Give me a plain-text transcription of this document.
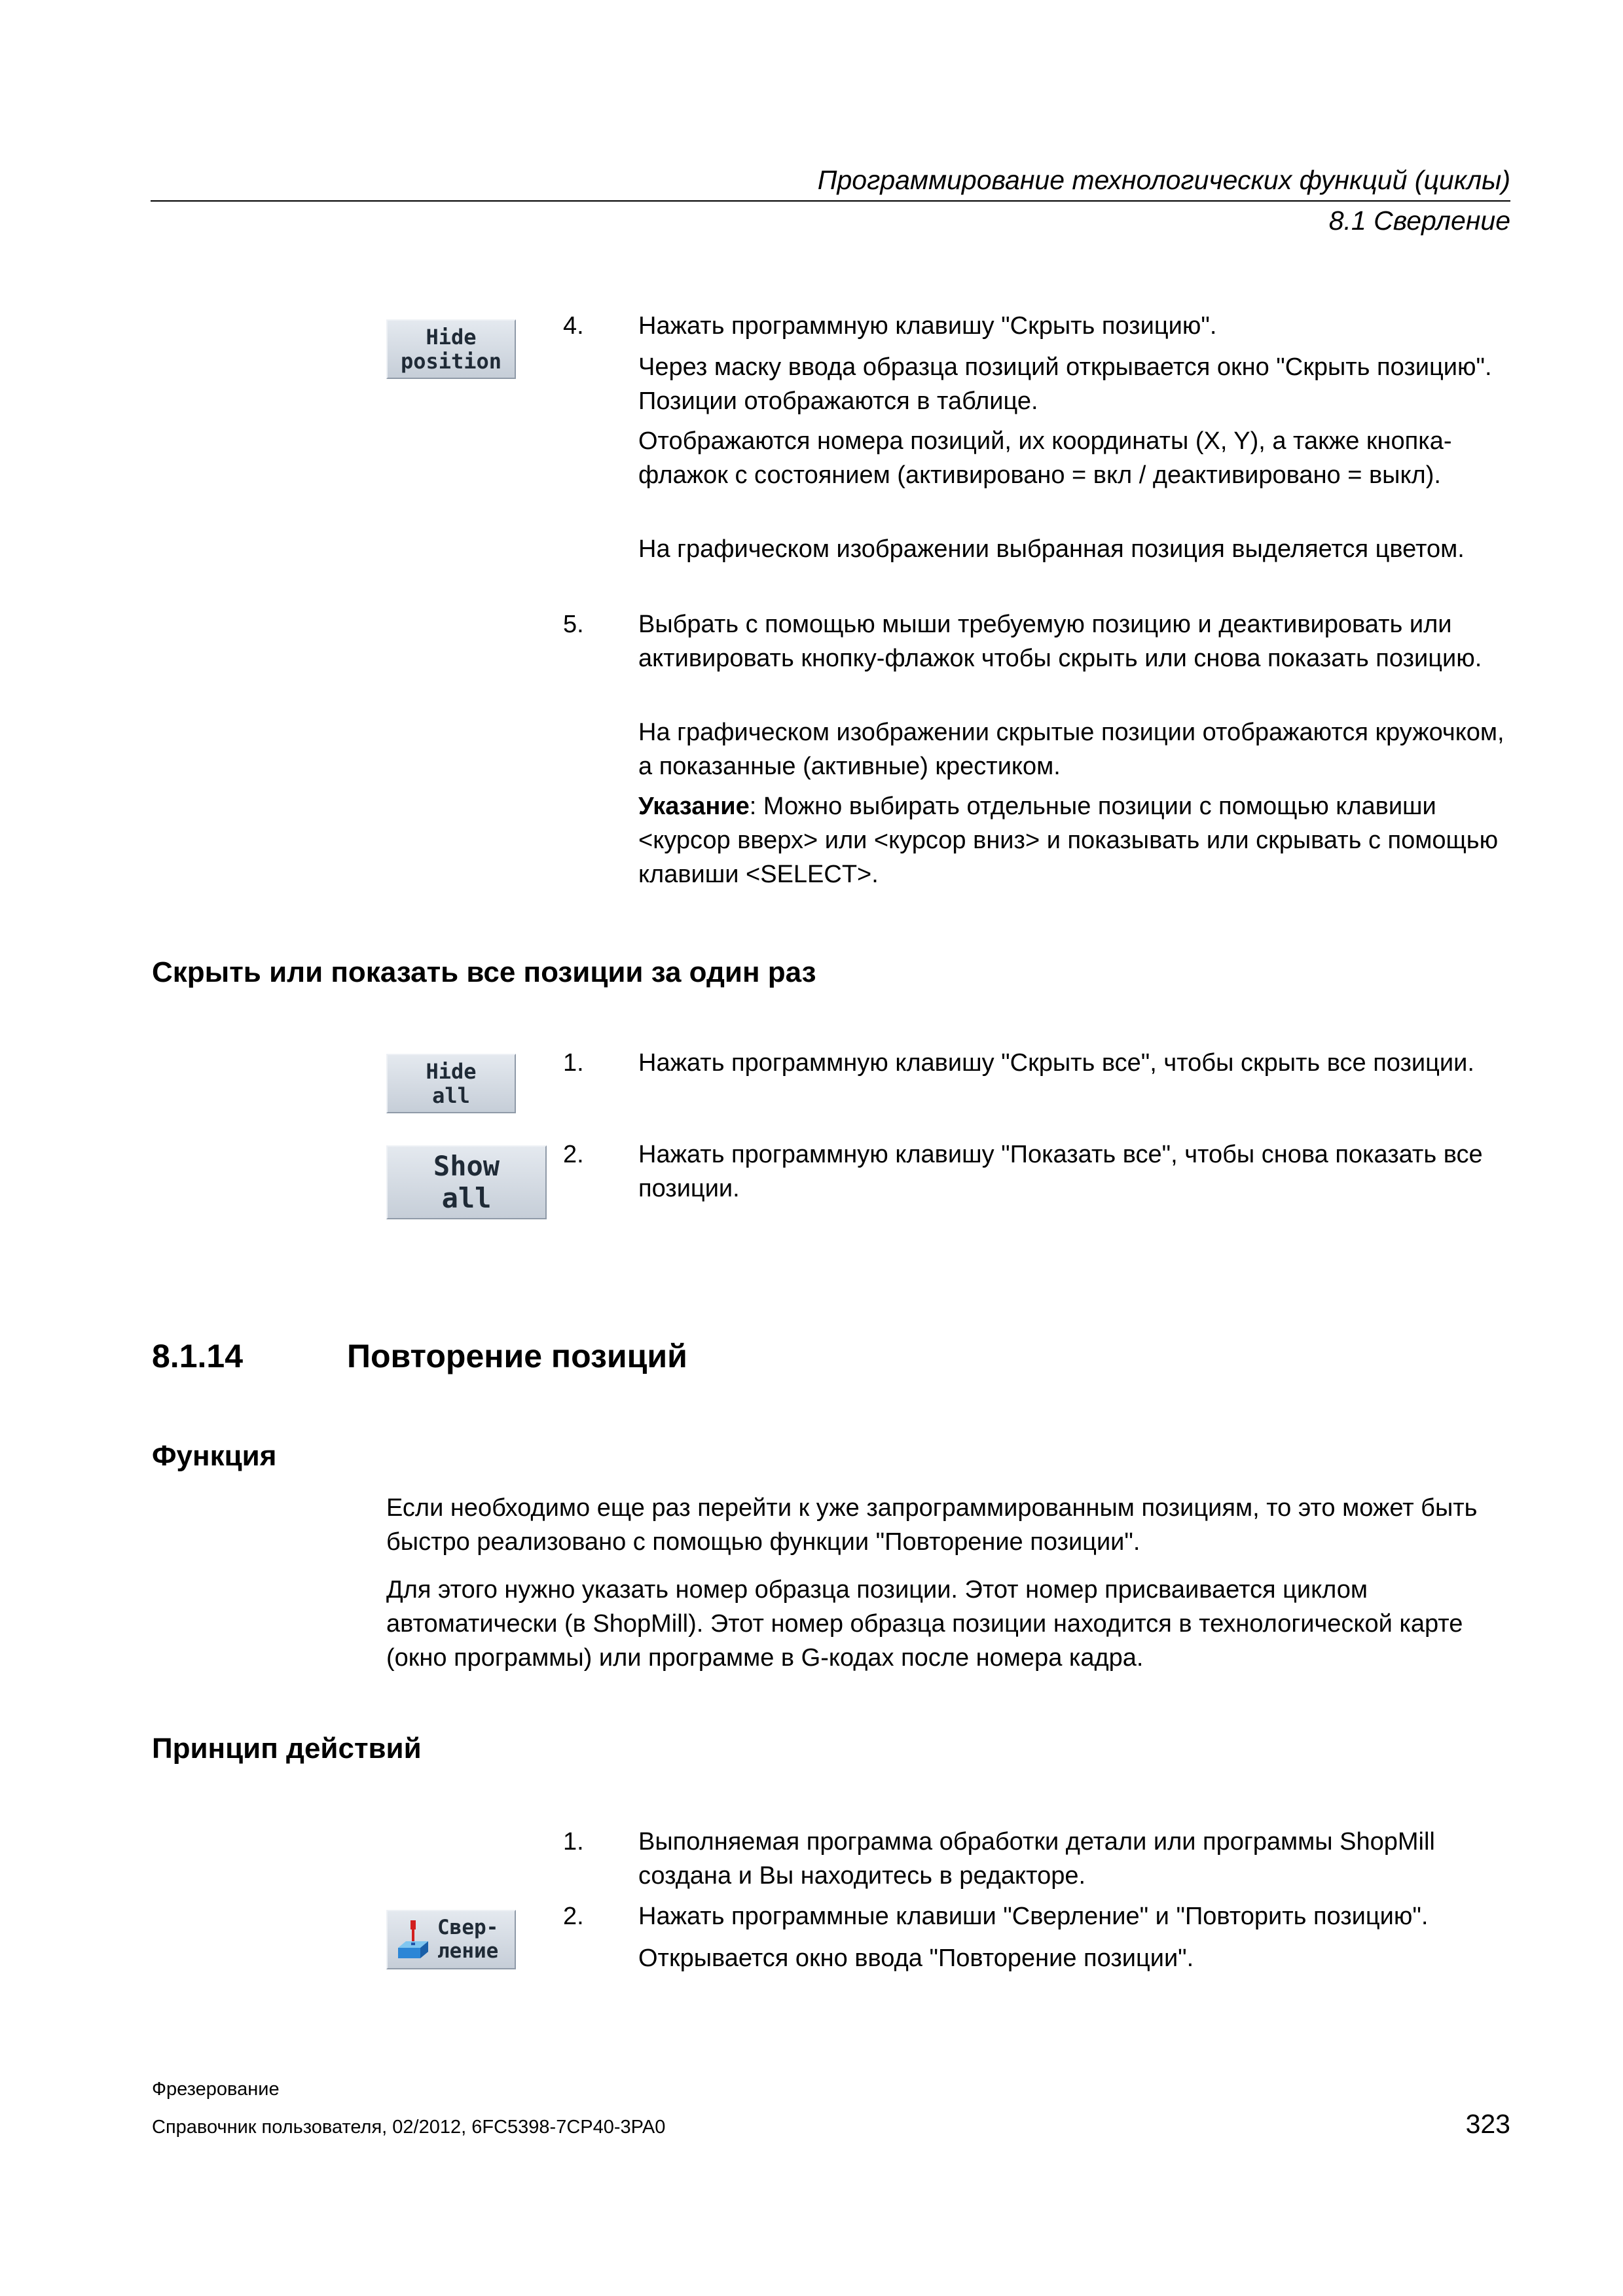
Программирование технологических функций (циклы)
8.1 Сверление
Hide
position
4. Нажать программную клавишу "Скрыть позицию".
Через маску ввода образца позиций открывается окно "Скрыть позицию". Позиции отображаются в таблице.
Отображаются номера позиций, их координаты (X, Y), а также кнопка-флажок с состоянием (активировано = вкл / деактивировано = выкл).
На графическом изображении выбранная позиция выделяется цветом.
5. Выбрать с помощью мыши требуемую позицию и деактивировать или активировать кнопку-флажок чтобы скрыть или снова показать позицию.
На графическом изображении скрытые позиции отображаются кружочком, а показанные (активные) крестиком.
Указание: Можно выбирать отдельные позиции с помощью клавиши <курсор вверх> или <курсор вниз> и показывать или скрывать с помощью клавиши <SELECT>.
Скрыть или показать все позиции за один раз
Hide
all
Show
all
1. Нажать программную клавишу "Скрыть все", чтобы скрыть все позиции.
2. Нажать программную клавишу "Показать все", чтобы снова показать все позиции.
8.1.14	Повторение позиций
Функция
Если необходимо еще раз перейти к уже запрограммированным позициям, то это может быть быстро реализовано с помощью функции "Повторение позиции".
Для этого нужно указать номер образца позиции. Этот номер присваивается циклом автоматически (в ShopMill). Этот номер образца позиции находится в технологической карте (окно программы) или программе в G-кодах после номера кадра.
Принцип действий
Свер-
ление
1. Выполняемая программа обработки детали или программы ShopMill создана и Вы находитесь в редакторе.
2. Нажать программные клавиши "Сверление" и "Повторить позицию".
Открывается окно ввода "Повторение позиции".
Фрезерование
Справочник пользователя, 02/2012, 6FC5398-7CP40-3PA0	323
